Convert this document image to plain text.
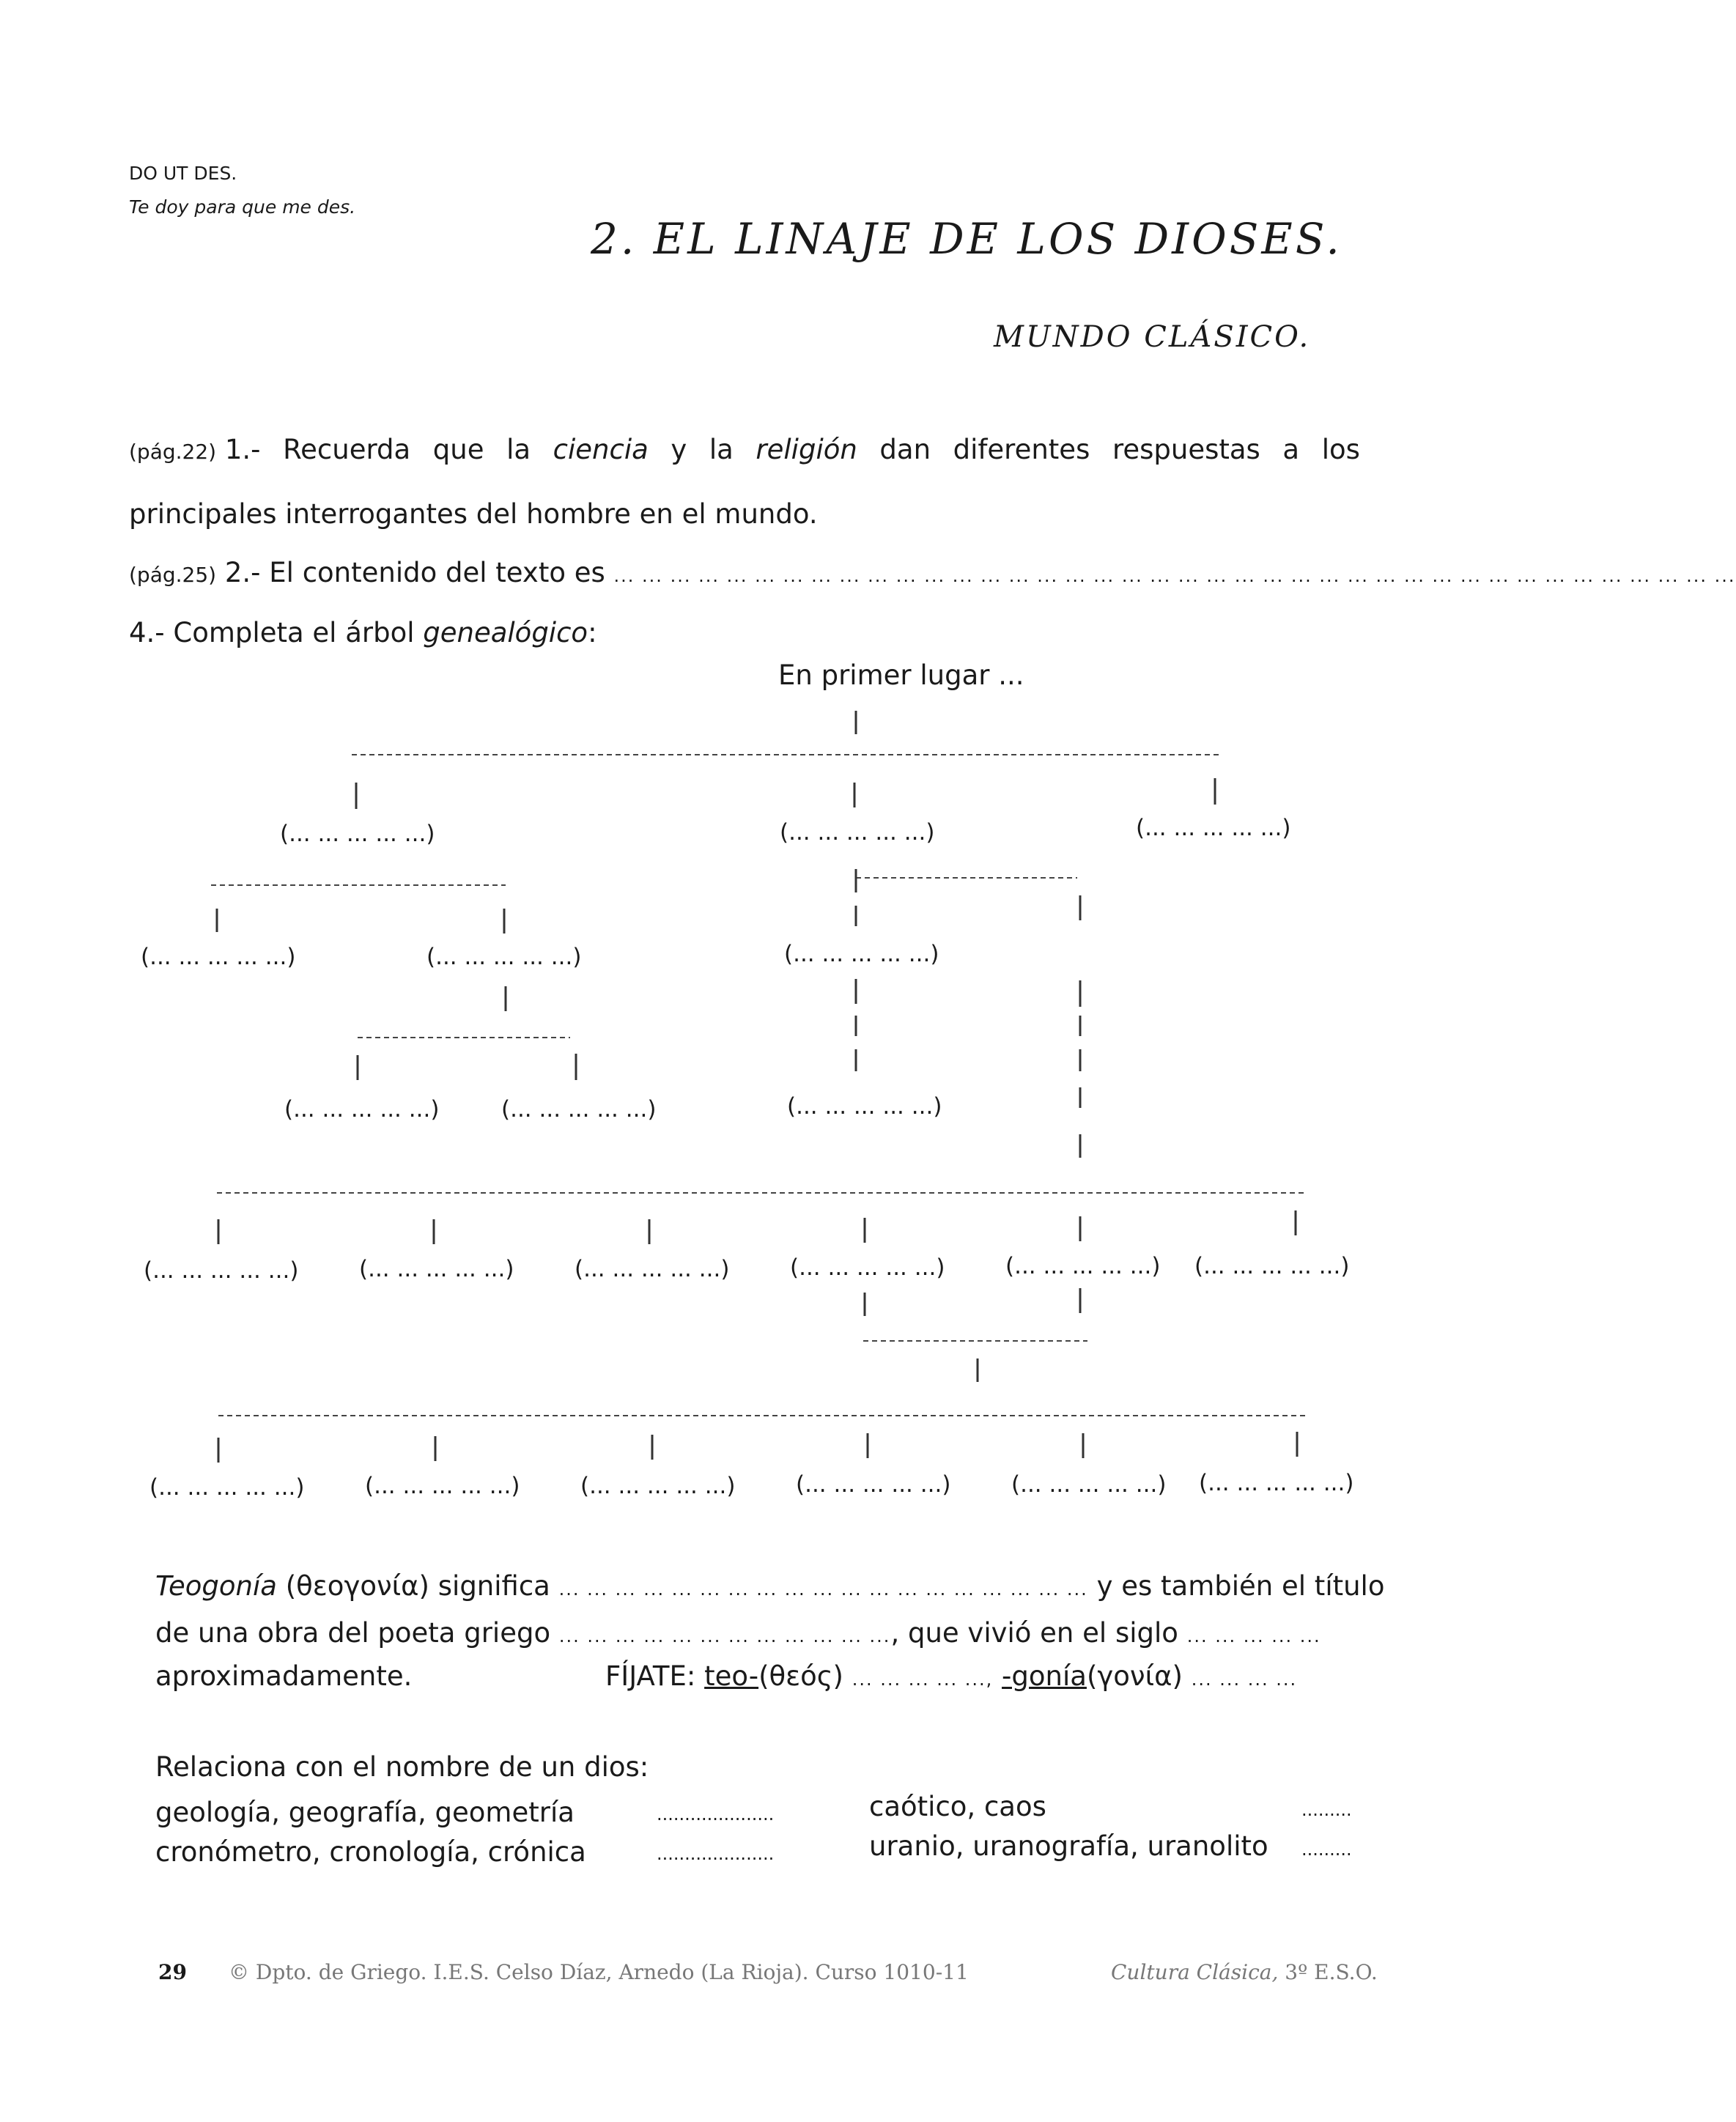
DO UT DES.
Te doy para que me des.
2. EL LINAJE DE LOS DIOSES.
MUNDO CLÁSICO.
(pág.22) 1.- Recuerda que la ciencia y la religión dan diferentes respuestas a los
principales interrogantes del hombre en el mundo.
(pág.25) 2.- El contenido del texto es ... ... ... ... ... ... ... ... ... ... ... ... ... ... ... ... ... ... ... ... ... ... ... ... ... ... ... ... ... ... ... ... ... ... ... ... ... ... ... ...
4.- Completa el árbol genealógico:
En primer lugar ...
(... ... ... ... ...)	(... ... ... ... ...)	(... ... ... ... ...)
(... ... ... ... ...)	(... ... ... ... ...)	(... ... ... ... ...)
(... ... ... ... ...)	(... ... ... ... ...)	(... ... ... ... ...)
(... ... ... ... ...)	(... ... ... ... ...)	(... ... ... ... ...)	(... ... ... ... ...)	(... ... ... ... ...) (... ... ... ... ...)
(... ... ... ... ...)	(... ... ... ... ...)	(... ... ... ... ...)	(... ... ... ... ...)	(... ... ... ... ...) (... ... ... ... ...)
Teogonía (θεογονία) significa ... ... ... ... ... ... ... ... ... ... ... ... ... ... ... ... ... ... ... y es también el título
de una obra del poeta griego ... ... ... ... ... ... ... ... ... ... ... ..., que vivió en el siglo ... ... ... ... ...
aproximadamente.	FÍJATE: teo-(θεός) ... ... ... ... ..., -gonía(γονία) ... ... ... ...
Relaciona con el nombre de un dios:
geología, geografía, geometría	.....................
cronómetro, cronología, crónica	.....................
caótico, caos	.........
uranio, uranografía, uranolito .........
29 © Dpto. de Griego. I.E.S. Celso Díaz, Arnedo (La Rioja). Curso 1010-11	Cultura Clásica, 3º E.S.O.
